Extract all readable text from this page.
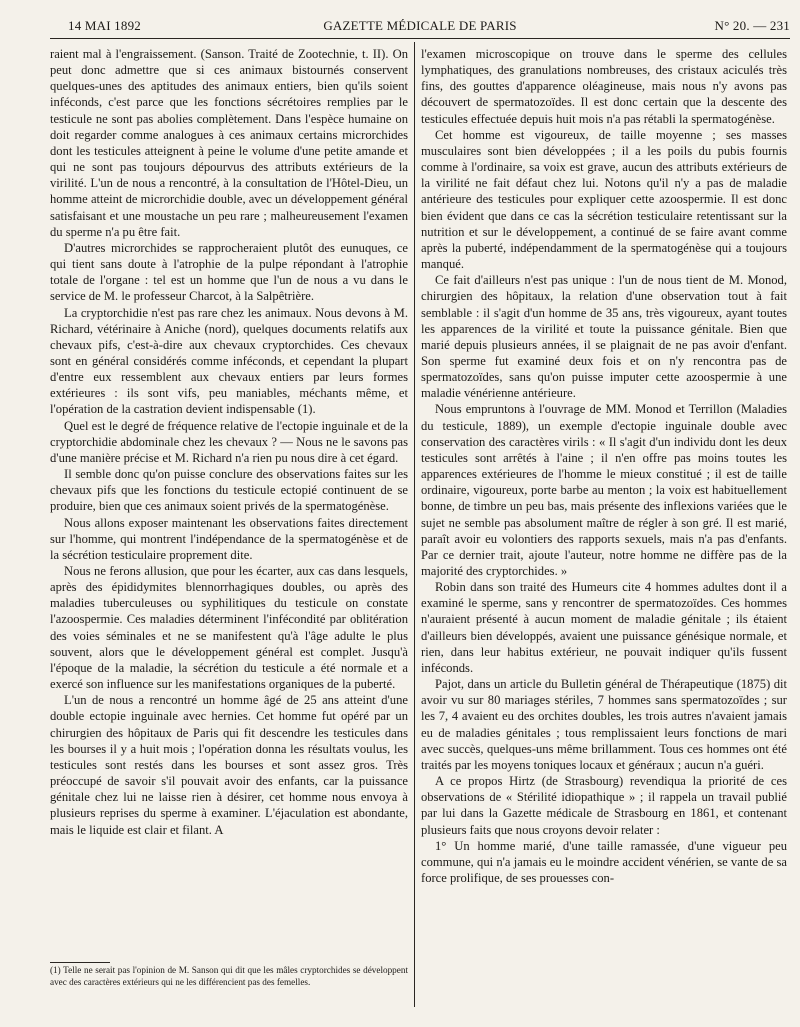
14 MAI 1892	GAZETTE MÉDICALE DE PARIS	N° 20. — 231

raient mal à l'engraissement. (Sanson. Traité de Zootechnie, t. II). On peut donc admettre que si ces animaux bistournés conservent quelques-unes des aptitudes des animaux entiers, bien qu'ils soient inféconds, c'est parce que les fonctions sécrétoires remplies par le testicule ne sont pas abolies complètement. Dans l'espèce humaine on doit regarder comme analogues à ces animaux certains microrchides dont les testicules atteignent à peine le volume d'une petite amande et qui ne sont pas toujours dépourvus des attributs extérieurs de la virilité. L'un de nous a rencontré, à la consultation de l'Hôtel-Dieu, un homme atteint de microrchidie double, avec un développement général satisfaisant et une moustache un peu rare ; malheureusement l'examen du sperme n'a pu être fait.

D'autres microrchides se rapprocheraient plutôt des eunuques, ce qui tient sans doute à l'atrophie de la pulpe répondant à l'atrophie totale de l'organe : tel est un homme que l'un de nous a vu dans le service de M. le professeur Charcot, à la Salpêtrière.

La cryptorchidie n'est pas rare chez les animaux. Nous devons à M. Richard, vétérinaire à Aniche (nord), quelques documents relatifs aux chevaux pifs, c'est-à-dire aux chevaux cryptorchides. Ces chevaux sont en général considérés comme inféconds, et cependant la plupart d'entre eux ressemblent aux chevaux entiers par leurs formes extérieures : ils sont vifs, peu maniables, méchants même, et l'opération de la castration devient indispensable (1).

Quel est le degré de fréquence relative de l'ectopie inguinale et de la cryptorchidie abdominale chez les chevaux ? — Nous ne le savons pas d'une manière précise et M. Richard n'a rien pu nous dire à cet égard.

Il semble donc qu'on puisse conclure des observations faites sur les chevaux pifs que les fonctions du testicule ectopié continuent de se produire, bien que ces animaux soient privés de la spermatogénèse.

Nous allons exposer maintenant les observations faites directement sur l'homme, qui montrent l'indépendance de la spermatogénèse et de la sécrétion testiculaire proprement dite.

Nous ne ferons allusion, que pour les écarter, aux cas dans lesquels, après des épididymites blennorrhagiques doubles, ou après des maladies tuberculeuses ou syphilitiques du testicule on constate l'azoospermie. Ces maladies déterminent l'infécondité par oblitération des voies séminales et ne se manifestent qu'à l'âge adulte le plus souvent, alors que le développement général est complet. Jusqu'à l'époque de la maladie, la sécrétion du testicule a été normale et a exercé son influence sur les manifestations organiques de la puberté.

L'un de nous a rencontré un homme âgé de 25 ans atteint d'une double ectopie inguinale avec hernies. Cet homme fut opéré par un chirurgien des hôpitaux de Paris qui fit descendre les testicules dans les bourses il y a huit mois ; l'opération donna les résultats voulus, les testicules sont restés dans les bourses et sont assez gros. Très préoccupé de savoir s'il pouvait avoir des enfants, car la puissance génitale chez lui ne laisse rien à désirer, cet homme nous envoya à plusieurs reprises du sperme à examiner. L'éjaculation est abondante, mais le liquide est clair et filant. A

(1) Telle ne serait pas l'opinion de M. Sanson qui dit que les mâles cryptorchides se développent avec des caractères extérieurs qui ne les différencient pas des femelles.

l'examen microscopique on trouve dans le sperme des cellules lymphatiques, des granulations nombreuses, des cristaux aciculés très fins, des gouttes d'apparence oléagineuse, mais nous n'y avons pas découvert de spermatozoïdes. Il est donc certain que la descente des testicules effectuée depuis huit mois n'a pas rétabli la spermatogénèse.

Cet homme est vigoureux, de taille moyenne ; ses masses musculaires sont bien développées ; il a les poils du pubis fournis comme à l'ordinaire, sa voix est grave, aucun des attributs extérieurs de la virilité ne fait défaut chez lui. Notons qu'il n'y a pas de maladie antérieure des testicules pour expliquer cette azoospermie. Il est donc bien évident que dans ce cas la sécrétion testiculaire retentissant sur la nutrition et sur le développement, a continué de se faire avant comme après la puberté, indépendamment de la spermatogénèse qui a toujours manqué.

Ce fait d'ailleurs n'est pas unique : l'un de nous tient de M. Monod, chirurgien des hôpitaux, la relation d'une observation tout à fait semblable : il s'agit d'un homme de 35 ans, très vigoureux, ayant toutes les apparences de la virilité et toute la puissance génitale. Bien que marié depuis plusieurs années, il se plaignait de ne pas avoir d'enfant. Son sperme fut examiné deux fois et on n'y rencontra pas de spermatozoïdes, sans qu'on puisse imputer cette azoospermie à une maladie vénérienne antérieure.

Nous empruntons à l'ouvrage de MM. Monod et Terrillon (Maladies du testicule, 1889), un exemple d'ectopie inguinale double avec conservation des caractères virils : « Il s'agit d'un individu dont les deux testicules sont arrêtés à l'aine ; il n'en offre pas moins toutes les apparences extérieures de l'homme le mieux constitué ; il est de taille ordinaire, vigoureux, porte barbe au menton ; la voix est habituellement bonne, de timbre un peu bas, mais présente des inflexions variées que le sujet ne semble pas absolument maître de régler à son gré. Il est marié, paraît avoir eu volontiers des rapports sexuels, mais n'a pas d'enfants. Par ce dernier trait, ajoute l'auteur, notre homme ne diffère pas de la majorité des cryptorchides. »

Robin dans son traité des Humeurs cite 4 hommes adultes dont il a examiné le sperme, sans y rencontrer de spermatozoïdes. Ces hommes n'auraient présenté à aucun moment de maladie génitale ; ils étaient d'ailleurs bien développés, avaient une puissance génésique normale, et rien, dans leur habitus extérieur, ne pouvait indiquer qu'ils fussent inféconds.

Pajot, dans un article du Bulletin général de Thérapeutique (1875) dit avoir vu sur 80 mariages stériles, 7 hommes sans spermatozoïdes ; sur les 7, 4 avaient eu des orchites doubles, les trois autres n'avaient jamais eu de maladies génitales ; tous remplissaient leurs fonctions de mari avec succès, quelques-uns même brillamment. Tous ces hommes ont été traités par les moyens toniques locaux et généraux ; aucun n'a guéri.

A ce propos Hirtz (de Strasbourg) revendiqua la priorité de ces observations de « Stérilité idiopathique » ; il rappela un travail publié par lui dans la Gazette médicale de Strasbourg en 1861, et contenant plusieurs faits que nous croyons devoir relater :

1° Un homme marié, d'une taille ramassée, d'une vigueur peu commune, qui n'a jamais eu le moindre accident vénérien, se vante de sa force prolifique, de ses prouesses con-
